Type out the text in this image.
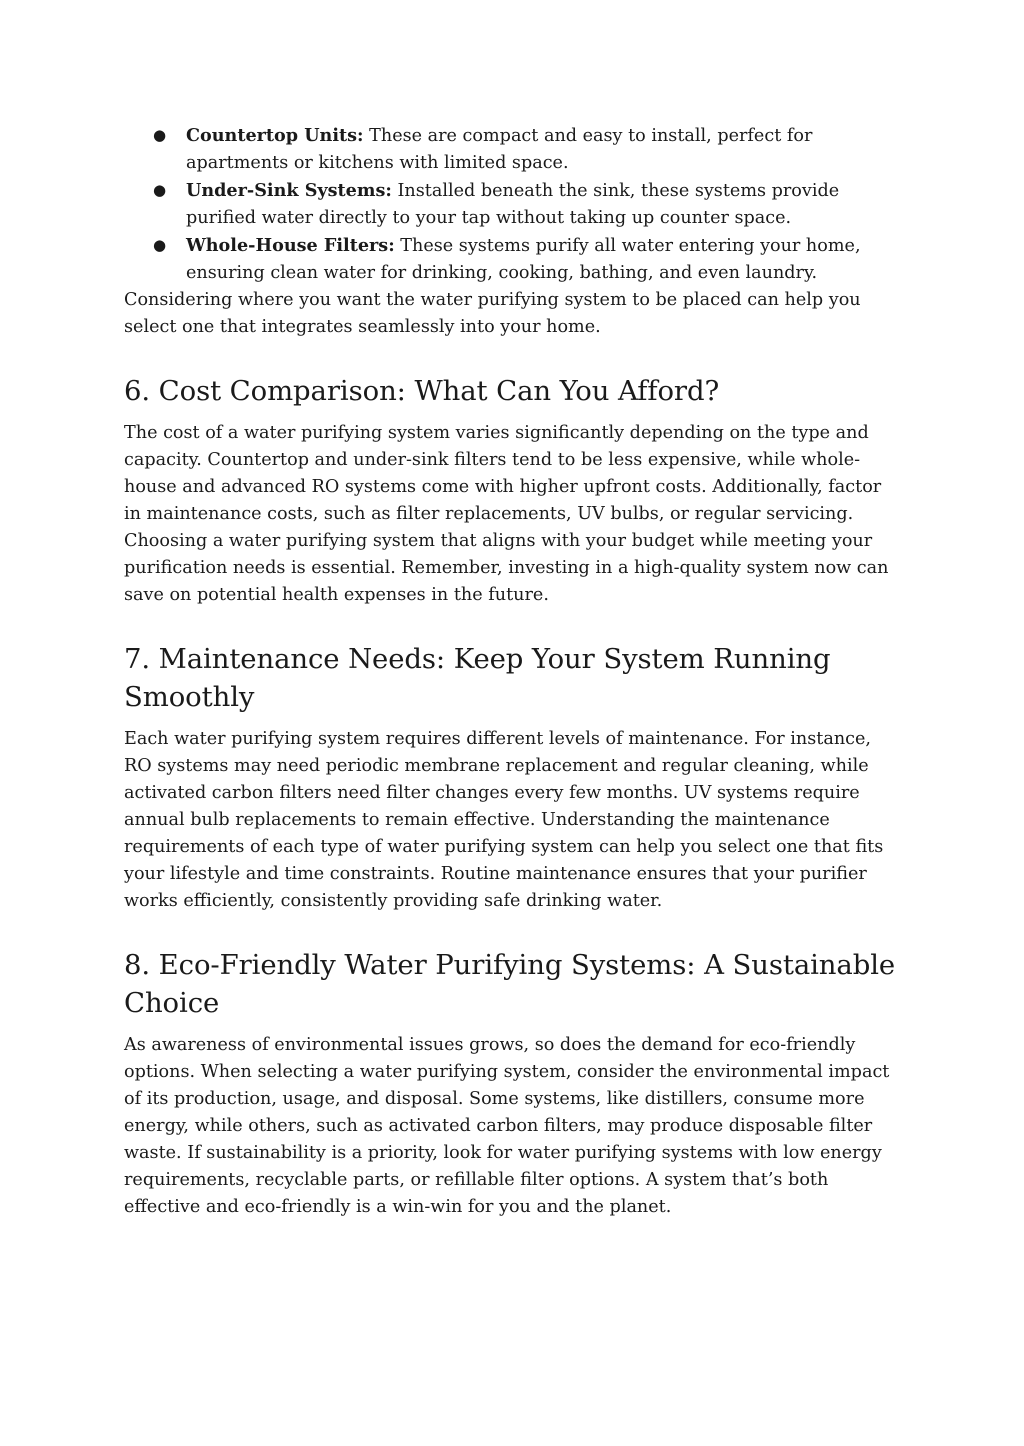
● Countertop Units: These are compact and easy to install, perfect for apartments or kitchens with limited space.
● Under-Sink Systems: Installed beneath the sink, these systems provide purified water directly to your tap without taking up counter space.
● Whole-House Filters: These systems purify all water entering your home, ensuring clean water for drinking, cooking, bathing, and even laundry.

Considering where you want the water purifying system to be placed can help you select one that integrates seamlessly into your home.

6. Cost Comparison: What Can You Afford?

The cost of a water purifying system varies significantly depending on the type and capacity. Countertop and under-sink filters tend to be less expensive, while whole-house and advanced RO systems come with higher upfront costs. Additionally, factor in maintenance costs, such as filter replacements, UV bulbs, or regular servicing. Choosing a water purifying system that aligns with your budget while meeting your purification needs is essential. Remember, investing in a high-quality system now can save on potential health expenses in the future.

7. Maintenance Needs: Keep Your System Running Smoothly

Each water purifying system requires different levels of maintenance. For instance, RO systems may need periodic membrane replacement and regular cleaning, while activated carbon filters need filter changes every few months. UV systems require annual bulb replacements to remain effective. Understanding the maintenance requirements of each type of water purifying system can help you select one that fits your lifestyle and time constraints. Routine maintenance ensures that your purifier works efficiently, consistently providing safe drinking water.

8. Eco-Friendly Water Purifying Systems: A Sustainable Choice

As awareness of environmental issues grows, so does the demand for eco-friendly options. When selecting a water purifying system, consider the environmental impact of its production, usage, and disposal. Some systems, like distillers, consume more energy, while others, such as activated carbon filters, may produce disposable filter waste. If sustainability is a priority, look for water purifying systems with low energy requirements, recyclable parts, or refillable filter options. A system that’s both effective and eco-friendly is a win-win for you and the planet.
